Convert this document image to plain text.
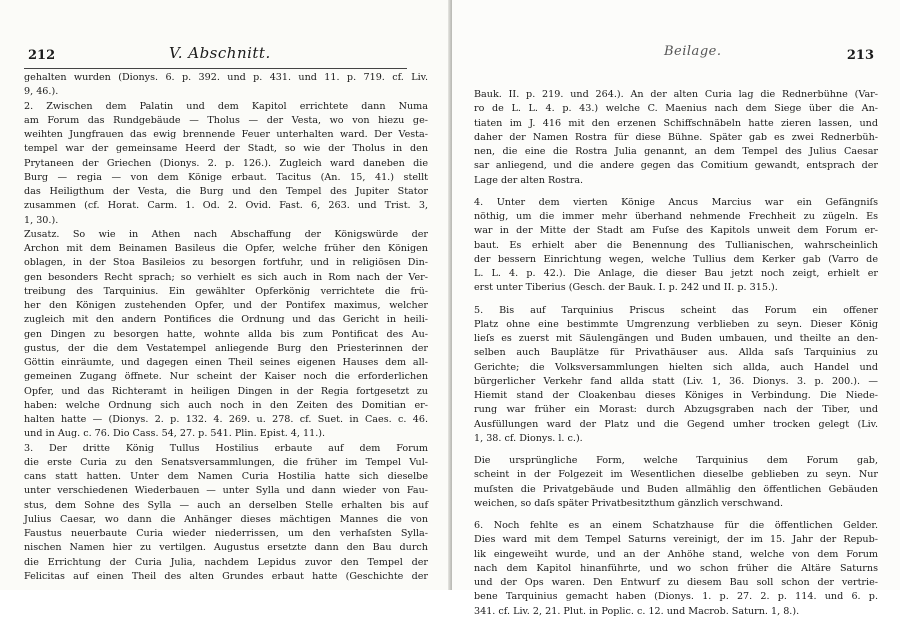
212	V. Abschnitt.
gehalten wurden (Dionys. 6. p. 392. und p. 431. und 11. p. 719. cf. Liv.
9, 46.).
2. Zwischen dem Palatin und dem Kapitol errichtete dann Numa
am Forum das Rundgebäude — Tholus — der Vesta, wo von hiezu ge-
weihten Jungfrauen das ewig brennende Feuer unterhalten ward. Der Vesta-
tempel war der gemeinsame Heerd der Stadt, so wie der Tholus in den
Prytaneen der Griechen (Dionys. 2. p. 126.). Zugleich ward daneben die
Burg — regia — von dem Könige erbaut. Tacitus (An. 15, 41.) stellt
das Heiligthum der Vesta, die Burg und den Tempel des Jupiter Stator
zusammen (cf. Horat. Carm. 1. Od. 2. Ovid. Fast. 6, 263. und Trist. 3,
1, 30.).
Zusatz. So wie in Athen nach Abschaffung der Königswürde der
Archon mit dem Beinamen Basileus die Opfer, welche früher den Königen
oblagen, in der Stoa Basileios zu besorgen fortfuhr, und in religiösen Din-
gen besonders Recht sprach; so verhielt es sich auch in Rom nach der Ver-
treibung des Tarquinius. Ein gewählter Opferkönig verrichtete die frü-
her den Königen zustehenden Opfer, und der Pontifex maximus, welcher
zugleich mit den andern Pontifices die Ordnung und das Gericht in heili-
gen Dingen zu besorgen hatte, wohnte allda bis zum Pontificat des Au-
gustus, der die dem Vestatempel anliegende Burg den Priesterinnen der
Göttin einräumte, und dagegen einen Theil seines eigenen Hauses dem all-
gemeinen Zugang öffnete. Nur scheint der Kaiser noch die erforderlichen
Opfer, und das Richteramt in heiligen Dingen in der Regia fortgesetzt zu
haben: welche Ordnung sich auch noch in den Zeiten des Domitian er-
halten hatte — (Dionys. 2. p. 132. 4. 269. u. 278. cf. Suet. in Caes. c. 46.
und in Aug. c. 76. Dio Cass. 54, 27. p. 541. Plin. Epist. 4, 11.).
3. Der dritte König Tullus Hostilius erbaute auf dem Forum
die erste Curia zu den Senatsversammlungen, die früher im Tempel Vul-
cans statt hatten. Unter dem Namen Curia Hostilia hatte sich dieselbe
unter verschiedenen Wiederbauen — unter Sylla und dann wieder von Fau-
stus, dem Sohne des Sylla — auch an derselben Stelle erhalten bis auf
Julius Caesar, wo dann die Anhänger dieses mächtigen Mannes die von
Faustus neuerbaute Curia wieder niederrissen, um den verhaſsten Sylla-
nischen Namen hier zu vertilgen. Augustus ersetzte dann den Bau durch
die Errichtung der Curia Julia, nachdem Lepidus zuvor den Tempel der
Felicitas auf einen Theil des alten Grundes erbaut hatte (Geschichte der
Beilage.	213
Bauk. II. p. 219. und 264.). An der alten Curia lag die Rednerbühne (Var-
ro de L. L. 4. p. 43.) welche C. Maenius nach dem Siege über die An-
tiaten im J. 416 mit den erzenen Schiffschnäbeln hatte zieren lassen, und
daher der Namen Rostra für diese Bühne. Später gab es zwei Rednerbüh-
nen, die eine die Rostra Julia genannt, an dem Tempel des Julius Caesar
sar anliegend, und die andere gegen das Comitium gewandt, entsprach der
Lage der alten Rostra.
4. Unter dem vierten Könige Ancus Marcius war ein Gefängniſs
nöthig, um die immer mehr überhand nehmende Frechheit zu zügeln. Es
war in der Mitte der Stadt am Fuſse des Kapitols unweit dem Forum er-
baut. Es erhielt aber die Benennung des Tullianischen, wahrscheinlich
der bessern Einrichtung wegen, welche Tullius dem Kerker gab (Varro de
L. L. 4. p. 42.). Die Anlage, die dieser Bau jetzt noch zeigt, erhielt er
erst unter Tiberius (Gesch. der Bauk. I. p. 242 und II. p. 315.).
5. Bis auf Tarquinius Priscus scheint das Forum ein offener
Platz ohne eine bestimmte Umgrenzung verblieben zu seyn. Dieser König
lieſs es zuerst mit Säulengängen und Buden umbauen, und theilte an den-
selben auch Bauplätze für Privathäuser aus. Allda saſs Tarquinius zu
Gerichte; die Volksversammlungen hielten sich allda, auch Handel und
bürgerlicher Verkehr fand allda statt (Liv. 1, 36. Dionys. 3. p. 200.). —
Hiemit stand der Cloakenbau dieses Königes in Verbindung. Die Niede-
rung war früher ein Morast: durch Abzugsgraben nach der Tiber, und
Ausfüllungen ward der Platz und die Gegend umher trocken gelegt (Liv.
1, 38. cf. Dionys. l. c.).
Die ursprüngliche Form, welche Tarquinius dem Forum gab,
scheint in der Folgezeit im Wesentlichen dieselbe geblieben zu seyn. Nur
muſsten die Privatgebäude und Buden allmählig den öffentlichen Gebäuden
weichen, so daſs später Privatbesitzthum gänzlich verschwand.
6. Noch fehlte es an einem Schatzhause für die öffentlichen Gelder.
Dies ward mit dem Tempel Saturns vereinigt, der im 15. Jahr der Repub-
lik eingeweiht wurde, und an der Anhöhe stand, welche von dem Forum
nach dem Kapitol hinanführte, und wo schon früher die Altäre Saturns
und der Ops waren. Den Entwurf zu diesem Bau soll schon der vertrie-
bene Tarquinius gemacht haben (Dionys. 1. p. 27. 2. p. 114. und 6. p.
341. cf. Liv. 2, 21. Plut. in Poplic. c. 12. und Macrob. Saturn. 1, 8.).
